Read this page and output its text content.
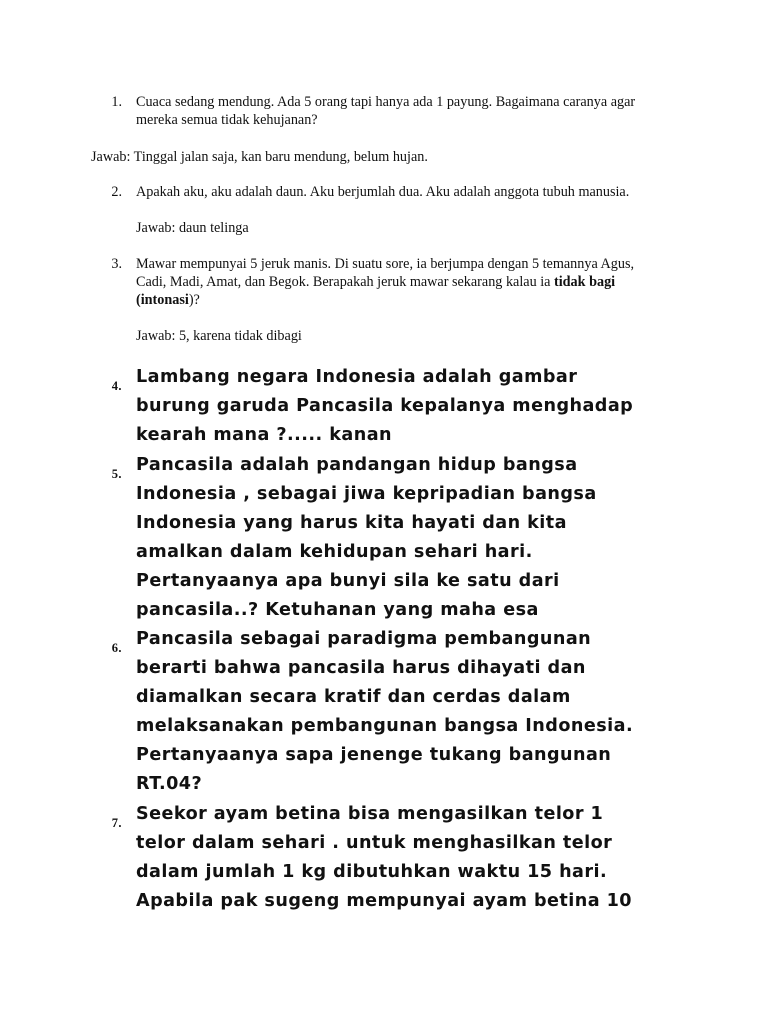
1. Cuaca sedang mendung. Ada 5 orang tapi hanya ada 1 payung. Bagaimana caranya agar
mereka semua tidak kehujanan?
Jawab: Tinggal jalan saja, kan baru mendung, belum hujan.
2. Apakah aku, aku adalah daun. Aku berjumlah dua. Aku adalah anggota tubuh manusia.
Jawab: daun telinga
3. Mawar mempunyai 5 jeruk manis. Di suatu sore, ia berjumpa dengan 5 temannya Agus,
Cadi, Madi, Amat, dan Begok. Berapakah jeruk mawar sekarang kalau ia tidak bagi
(intonasi)?
Jawab: 5, karena tidak dibagi
4. Lambang negara Indonesia adalah gambar
burung garuda Pancasila kepalanya menghadap
kearah mana ?..... kanan
5. Pancasila adalah pandangan hidup bangsa
Indonesia , sebagai jiwa kepripadian bangsa
Indonesia yang harus kita hayati dan kita
amalkan dalam kehidupan sehari hari.
Pertanyaanya apa bunyi sila ke satu dari
pancasila..? Ketuhanan yang maha esa
6. Pancasila sebagai paradigma pembangunan
berarti bahwa pancasila harus dihayati dan
diamalkan secara kratif dan cerdas dalam
melaksanakan pembangunan bangsa Indonesia.
Pertanyaanya sapa jenenge tukang bangunan
RT.04?
7. Seekor ayam betina bisa mengasilkan telor 1
telor dalam sehari . untuk menghasilkan telor
dalam jumlah 1 kg dibutuhkan waktu 15 hari.
Apabila pak sugeng mempunyai ayam betina 10
